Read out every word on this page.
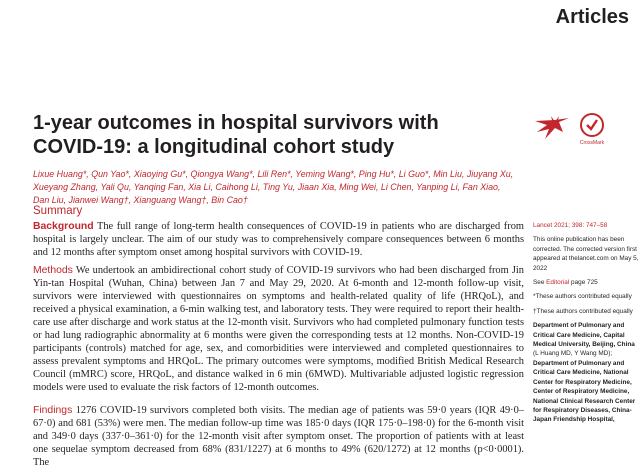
Articles
1-year outcomes in hospital survivors with COVID-19: a longitudinal cohort study	CrossMark

Lixue Huang*, Qun Yao*, Xiaoying Gu*, Qiongya Wang*, Lili Ren*, Yeming Wang*, Ping Hu*, Li Guo*, Min Liu, Jiuyang Xu, Xueyang Zhang, Yali Qu, Yanqing Fan, Xia Li, Caihong Li, Ting Yu, Jiaan Xia, Ming Wei, Li Chen, Yanping Li, Fan Xiao, Dan Liu, Jianwei Wang†, Xianguang Wang†, Bin Cao†

Summary

Background The full range of long-term health consequences of COVID-19 in patients who are discharged from hospital is largely unclear. The aim of our study was to comprehensively compare consequences between 6 months and 12 months after symptom onset among hospital survivors with COVID-19.

Methods We undertook an ambidirectional cohort study of COVID-19 survivors who had been discharged from Jin Yin-tan Hospital (Wuhan, China) between Jan 7 and May 29, 2020. At 6-month and 12-month follow-up visit, survivors were interviewed with questionnaires on symptoms and health-related quality of life (HRQoL), and received a physical examination, a 6-min walking test, and laboratory tests. They were required to report their health-care use after discharge and work status at the 12-month visit. Survivors who had completed pulmonary function tests or had lung radiographic abnormality at 6 months were given the corresponding tests at 12 months. Non-COVID-19 participants (controls) matched for age, sex, and comorbidities were interviewed and completed questionnaires to assess prevalent symptoms and HRQoL. The primary outcomes were symptoms, modified British Medical Research Council (mMRC) score, HRQoL, and distance walked in 6 min (6MWD). Multivariable adjusted logistic regression models were used to evaluate the risk factors of 12-month outcomes.

Findings 1276 COVID-19 survivors completed both visits. The median age of patients was 59·0 years (IQR 49·0–67·0) and 681 (53%) were men. The median follow-up time was 185·0 days (IQR 175·0–198·0) for the 6-month visit and 349·0 days (337·0–361·0) for the 12-month visit after symptom onset. The proportion of patients with at least one sequelae symptom decreased from 68% (831/1227) at 6 months to 49% (620/1272) at 12 months (p<0·0001). The

Lancet 2021; 398: 747–58

This online publication has been corrected. The corrected version first appeared at thelancet.com on May 5, 2022

See Editorial page 725

*These authors contributed equally

†These authors contributed equally

Department of Pulmonary and Critical Care Medicine, Capital Medical University, Beijing, China (L Huang MD, Y Wang MD); Department of Pulmonary and Critical Care Medicine, National Center for Respiratory Medicine, Center of Respiratory Medicine, National Clinical Research Center for Respiratory Diseases, China-Japan Friendship Hospital,
